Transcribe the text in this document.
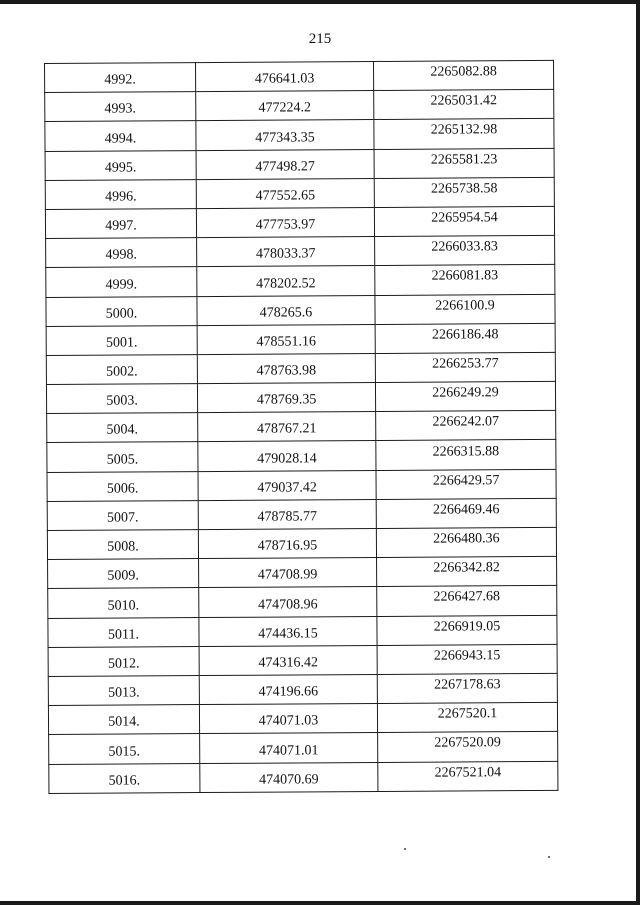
215
4992.	476641.03	2265082.88
4993.	477224.2	2265031.42
4994.	477343.35	2265132.98
4995.	477498.27	2265581.23
4996.	477552.65	2265738.58
4997.	477753.97	2265954.54
4998.	478033.37	2266033.83
4999.	478202.52	2266081.83
5000.	478265.6	2266100.9
5001.	478551.16	2266186.48
5002.	478763.98	2266253.77
5003.	478769.35	2266249.29
5004.	478767.21	2266242.07
5005.	479028.14	2266315.88
5006.	479037.42	2266429.57
5007.	478785.77	2266469.46
5008.	478716.95	2266480.36
5009.	474708.99	2266342.82
5010.	474708.96	2266427.68
5011.	474436.15	2266919.05
5012.	474316.42	2266943.15
5013.	474196.66	2267178.63
5014.	474071.03	2267520.1
5015.	474071.01	2267520.09
5016.	474070.69	2267521.04
